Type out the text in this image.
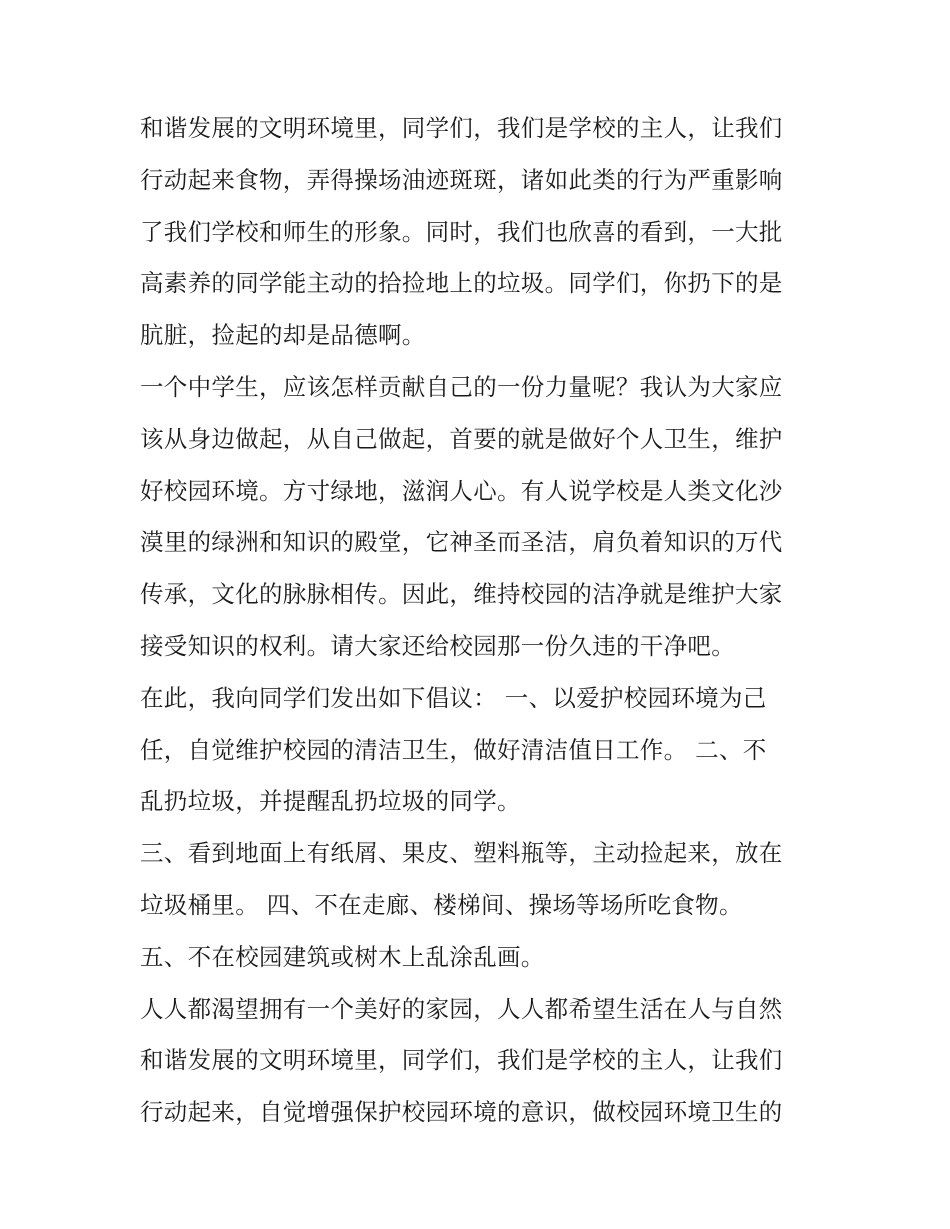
和谐发展的文明环境里，同学们，我们是学校的主人，让我们
行动起来食物，弄得操场油迹斑斑，诸如此类的行为严重影响
了我们学校和师生的形象。同时，我们也欣喜的看到，一大批
高素养的同学能主动的拾捡地上的垃圾。同学们，你扔下的是
肮脏，捡起的却是品德啊。
一个中学生，应该怎样贡献自己的一份力量呢？我认为大家应
该从身边做起，从自己做起，首要的就是做好个人卫生，维护
好校园环境。方寸绿地，滋润人心。有人说学校是人类文化沙
漠里的绿洲和知识的殿堂，它神圣而圣洁，肩负着知识的万代
传承，文化的脉脉相传。因此，维持校园的洁净就是维护大家
接受知识的权利。请大家还给校园那一份久违的干净吧。
在此，我向同学们发出如下倡议： 一、以爱护校园环境为己
任，自觉维护校园的清洁卫生，做好清洁值日工作。 二、不
乱扔垃圾，并提醒乱扔垃圾的同学。
三、看到地面上有纸屑、果皮、塑料瓶等，主动捡起来，放在
垃圾桶里。 四、不在走廊、楼梯间、操场等场所吃食物。
五、不在校园建筑或树木上乱涂乱画。
人人都渴望拥有一个美好的家园，人人都希望生活在人与自然
和谐发展的文明环境里，同学们，我们是学校的主人，让我们
行动起来，自觉增强保护校园环境的意识，做校园环境卫生的
